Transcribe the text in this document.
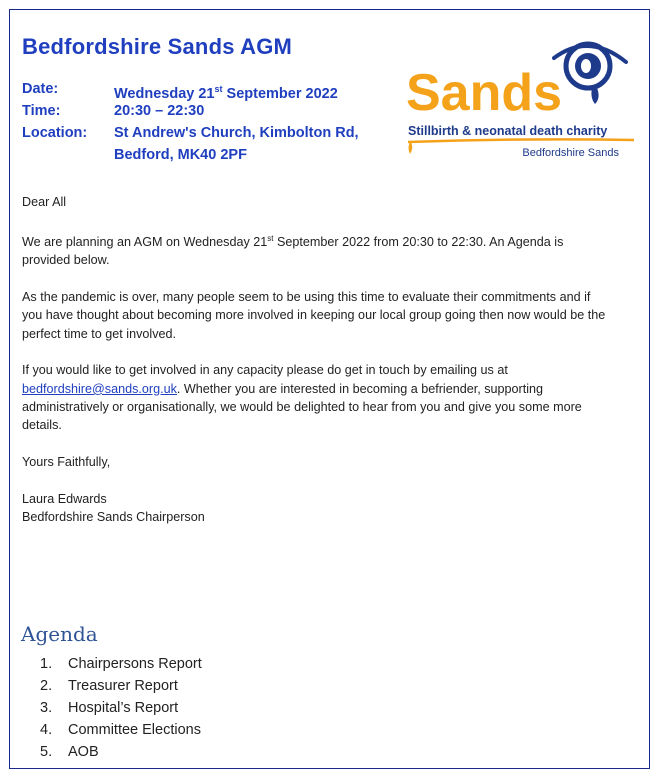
Bedfordshire Sands AGM
Date:	Wednesday 21st September 2022
Time:	20:30 – 22:30
Location:	St Andrew's Church, Kimbolton Rd, Bedford, MK40 2PF
Sands
Stillbirth & neonatal death charity
Bedfordshire Sands

Dear All

We are planning an AGM on Wednesday 21st September 2022 from 20:30 to 22:30. An Agenda is provided below.

As the pandemic is over, many people seem to be using this time to evaluate their commitments and if you have thought about becoming more involved in keeping our local group going then now would be the perfect time to get involved.

If you would like to get involved in any capacity please do get in touch by emailing us at bedfordshire@sands.org.uk. Whether you are interested in becoming a befriender, supporting administratively or organisationally, we would be delighted to hear from you and give you some more details.

Yours Faithfully,

Laura Edwards
Bedfordshire Sands Chairperson
Agenda
1.	Chairpersons Report
2.	Treasurer Report
3.	Hospital’s Report
4.	Committee Elections
5.	AOB
